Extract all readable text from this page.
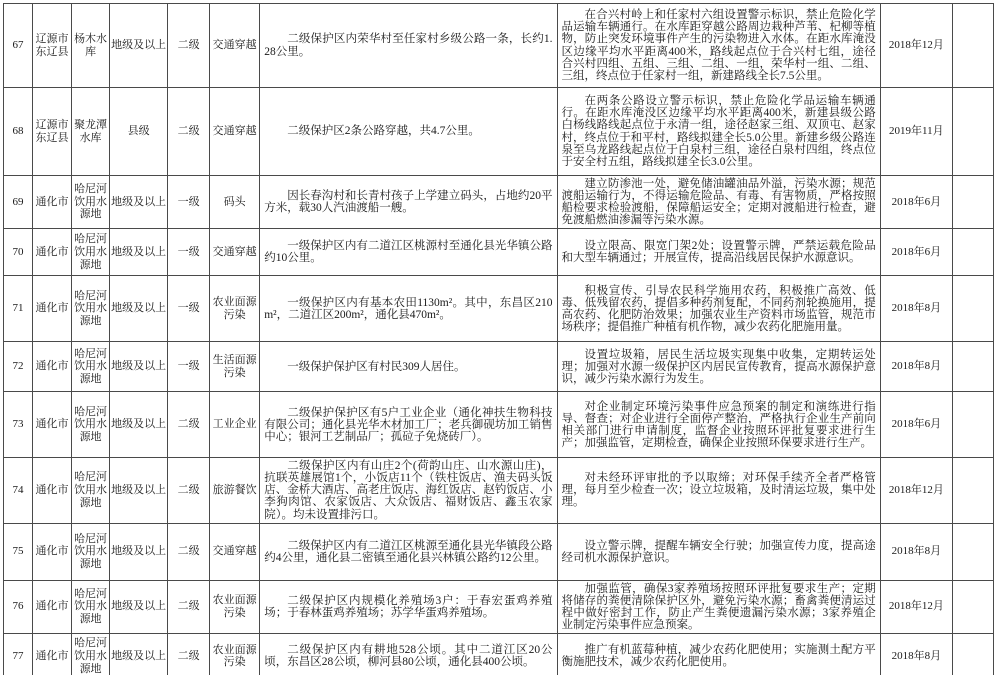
67	辽源市东辽县	杨木水库	地级及以上	二级	交通穿越	二级保护区内荣华村至任家村乡级公路一条，长约1.28公里。	在合兴村岭上和任家村六组设置警示标识，禁止危险化学品运输车辆通行。在水库距穿越公路周边栽种芦苇、杞柳等植物，防止突发环境事件产生的污染物进入水体。在距水库淹没区边缘平均水平距离400米，路线起点位于合兴村七组，途径合兴村四组、五组、三组、二组、一组，荣华村一组、二组、三组，终点位于任家村一组，新建路线全长7.5公里。	2018年12月	
68	辽源市东辽县	聚龙潭水库	县级	二级	交通穿越	二级保护区2条公路穿越，共4.7公里。	在两条公路设立警示标识，禁止危险化学品运输车辆通行。在距水库淹没区边缘平均水平距离400米，新建县级公路白杨线路线起点位于永清一组，途径赵家三组、双顶屯、赵家村，终点位于和平村，路线拟建全长5.0公里。新建乡级公路连泉至乌龙路线起点位于白泉村三组，途径白泉村四组，终点位于安全村五组，路线拟建全长3.0公里。	2019年11月	
69	通化市	哈尼河饮用水源地	地级及以上	一级	码头	因长春沟村和长青村孩子上学建立码头，占地约20平方米，载30人汽油渡船一艘。	建立防渗池一处，避免储油罐油品外溢，污染水源；规范渡船运输行为，不得运输危险品、有毒、有害物质，严格按照船检要求检验渡船，保障船运安全；定期对渡船进行检查，避免渡船燃油渗漏等污染水源。	2018年6月	
70	通化市	哈尼河饮用水源地	地级及以上	一级	交通穿越	一级保护区内有二道江区桃源村至通化县光华镇公路约10公里。	设立限高、限宽门架2处；设置警示牌，严禁运载危险品和大型车辆通过；开展宣传，提高沿线居民保护水源意识。	2018年6月	
71	通化市	哈尼河饮用水源地	地级及以上	一级	农业面源污染	一级保护区内有基本农田1130m²。其中，东昌区210m²，二道江区200m²，通化县470m²。	积极宣传、引导农民科学施用农药，积极推广高效、低毒、低残留农药，提倡多种药剂复配，不同药剂轮换施用，提高农药、化肥防治效果；加强农业生产资料市场监管，规范市场秩序；提倡推广种植有机作物，减少农药化肥施用量。	2018年8月	
72	通化市	哈尼河饮用水源地	地级及以上	一级	生活面源污染	一级保护保护区有村民309人居住。	设置垃圾箱，居民生活垃圾实现集中收集，定期转运处理；加强对水源一级保护区内居民宣传教育，提高水源保护意识，减少污染水源行为发生。	2018年8月	
73	通化市	哈尼河饮用水源地	地级及以上	二级	工业企业	二级保护保护区有5户工业企业（通化神扶生物科技有限公司；通化县光华木材加工厂；老兵御砚坊加工销售中心；银河工艺制品厂；孤砬子免烧砖厂）。	对企业制定环境污染事件应急预案的制定和演练进行指导、督查；对企业进行全面停产整治，严格执行企业生产前向相关部门进行申请制度，监督企业按照环评批复要求进行生产；加强监管，定期检查，确保企业按照环保要求进行生产。	2018年6月	
74	通化市	哈尼河饮用水源地	地级及以上	二级	旅游餐饮	二级保护区内有山庄2个(荷韵山庄、山水源山庄)，抗联英雄展馆1个，小饭店11个（铁柱饭店、渔夫码头饭店、金桥大酒店、高老庄饭店、海红饭店、赵钓饭店、小李狗肉馆、农家饭店、大众饭店、福财饭店、鑫玉农家院）。均未设置排污口。	对未经环评审批的予以取缔；对环保手续齐全者严格管理，每月至少检查一次；设立垃圾箱，及时清运垃圾，集中处理。	2018年12月	
75	通化市	哈尼河饮用水源地	地级及以上	二级	交通穿越	二级保护区内有二道江区桃源至通化县光华镇段公路约4公里，通化县二密镇至通化县兴林镇公路约12公里。	设立警示牌，提醒车辆安全行驶；加强宣传力度，提高途经司机水源保护意识。	2018年8月	
76	通化市	哈尼河饮用水源地	地级及以上	二级	农业面源污染	二级保护区内规模化养殖场3户：于春宏蛋鸡养殖场；于春林蛋鸡养殖场；苏学华蛋鸡养殖场。	加强监管，确保3家养殖场按照环评批复要求生产；定期将储存的粪便清除保护区外，避免污染水源；畜禽粪便清运过程中做好密封工作，防止产生粪便遗漏污染水源；3家养殖企业制定污染事件应急预案。	2018年12月	
77	通化市	哈尼河饮用水源地	地级及以上	二级	农业面源污染	二级保护区内有耕地528公顷。其中二道江区20公顷，东昌区28公顷，柳河县80公顷，通化县400公顷。	推广有机蓝莓种植，减少农药化肥使用；实施测土配方平衡施肥技术，减少农药化肥使用。	2018年8月	
